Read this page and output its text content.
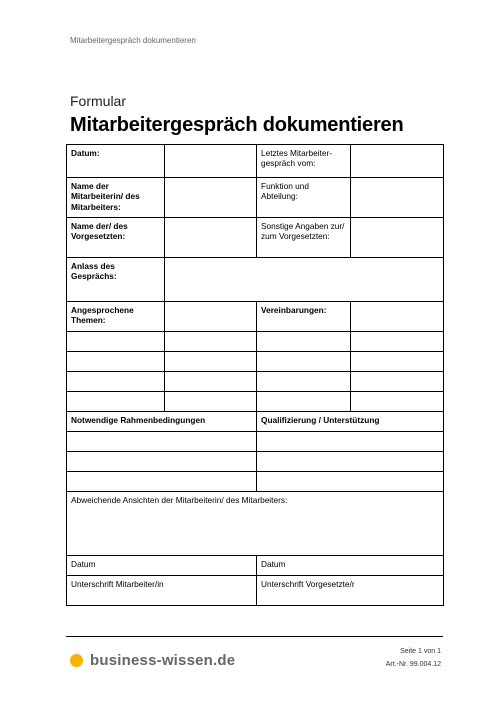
Mitarbeitergespräch dokumentieren
Formular
Mitarbeitergespräch dokumentieren
Datum:		Letztes Mitarbeiter-gespräch vom:	
Name der Mitarbeiterin/ des Mitarbeiters:		Funktion und Abteilung:	
Name der/ des Vorgesetzten:		Sonstige Angaben zur/ zum Vorgesetzten:	
Anlass des Gesprächs:			
Angesprochene Themen:		Vereinbarungen:	

Notwendige Rahmenbedingungen		Qualifizierung / Unterstützung	

Abweichende Ansichten der Mitarbeiterin/ des Mitarbeiters:			
Datum		Datum	
Unterschrift Mitarbeiter/in		Unterschrift Vorgesetzte/r	
business-wissen.de
Seite 1 von 1
Art.-Nr. 99.004.12
